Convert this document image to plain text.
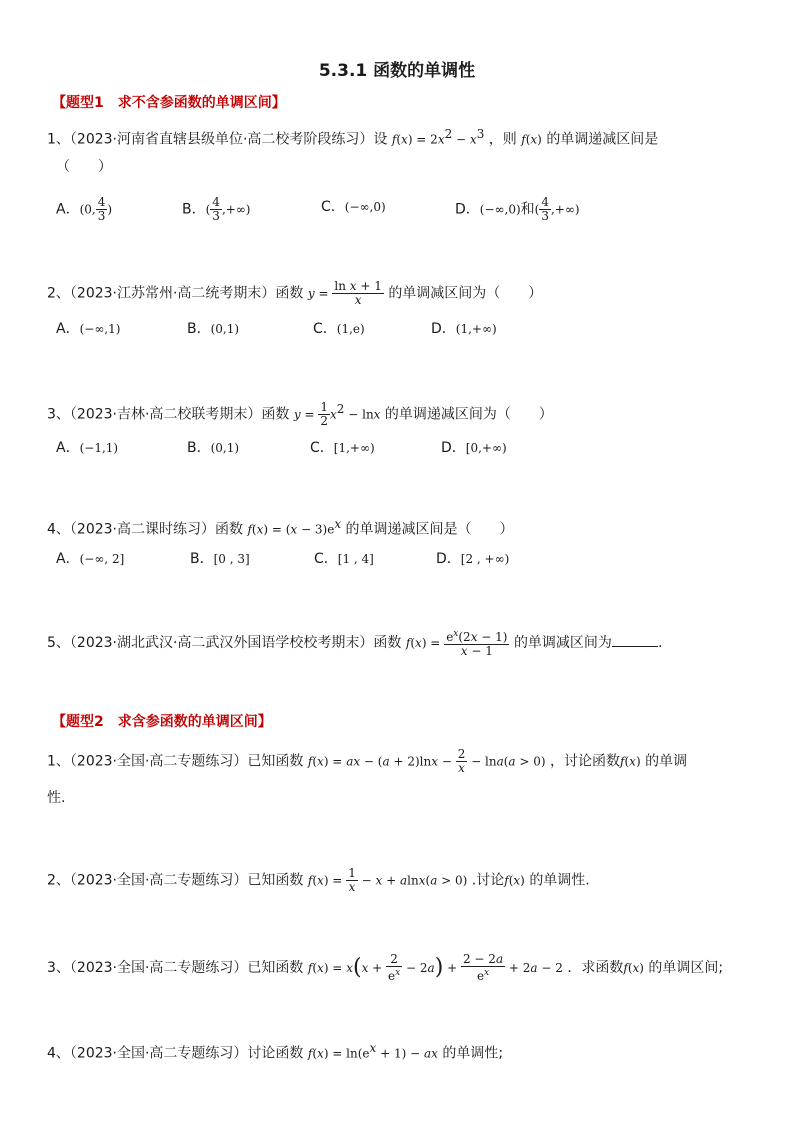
5.3.1 函数的单调性
【题型1　求不含参函数的单调区间】
1、（2023·河南省直辖县级单位·高二校考阶段练习）设 $f(x) = 2x^2 - x^3$ ，则 f(x) 的单调递减区间是
（　　）
A．(0, $\frac{4}{3}$ )	B．( $\frac{4}{3}$ ,+∞)	C．(−∞,0)	D．(−∞,0)和( $\frac{4}{3}$ ,+∞)
2、（2023·江苏常州·高二统考期末）函数 $y = \frac{\text{ln x + 1}}{x}$ 的单调减区间为（　　）
A．(−∞,1)	B．(0,1)	C．(1,e)	D．(1,+∞)
3、（2023·吉林·高二校联考期末）函数 $y = \frac{1}{2} x^2 - \ln x$ 的单调递减区间为（　　）
A．(−1,1)	B．(0,1)	C．[1,+∞)	D．[0,+∞)
4、（2023·高二课时练习）函数 $f(x) = (x - 3)e^x$ 的单调递减区间是（　　）
A．(−∞, 2]	B．[0 , 3]	C．[1 , 4]	D．[2 , +∞)
5、（2023·湖北武汉·高二武汉外国语学校校考期末）函数 $f(x) = \frac{e^x(2x - 1)}{x - 1}$ 的单调减区间为	.
【题型2　求含参函数的单调区间】
1、（2023·全国·高二专题练习）已知函数 f(x) = ax − $(a + 2)\ln x - \frac{2}{x} - \ln a(a > 0)$ ，讨论函数f(x) 的单调
性.
2、（2023·全国·高二专题练习）已知函数 $f(x) = \frac{1}{x} - x + alnx(a > 0)$ .讨论f(x) 的单调性.
3、（2023·全国·高二专题练习）已知函数 $f(x) = x(x + \frac{2}{e^x} - 2a) + \frac{2 - 2a}{e^x} + 2a - 2$ ．求函数f(x) 的单调区间;
4、（2023·全国·高二专题练习）讨论函数 $f(x) = \ln(e^x + 1)$ − ax 的单调性;
